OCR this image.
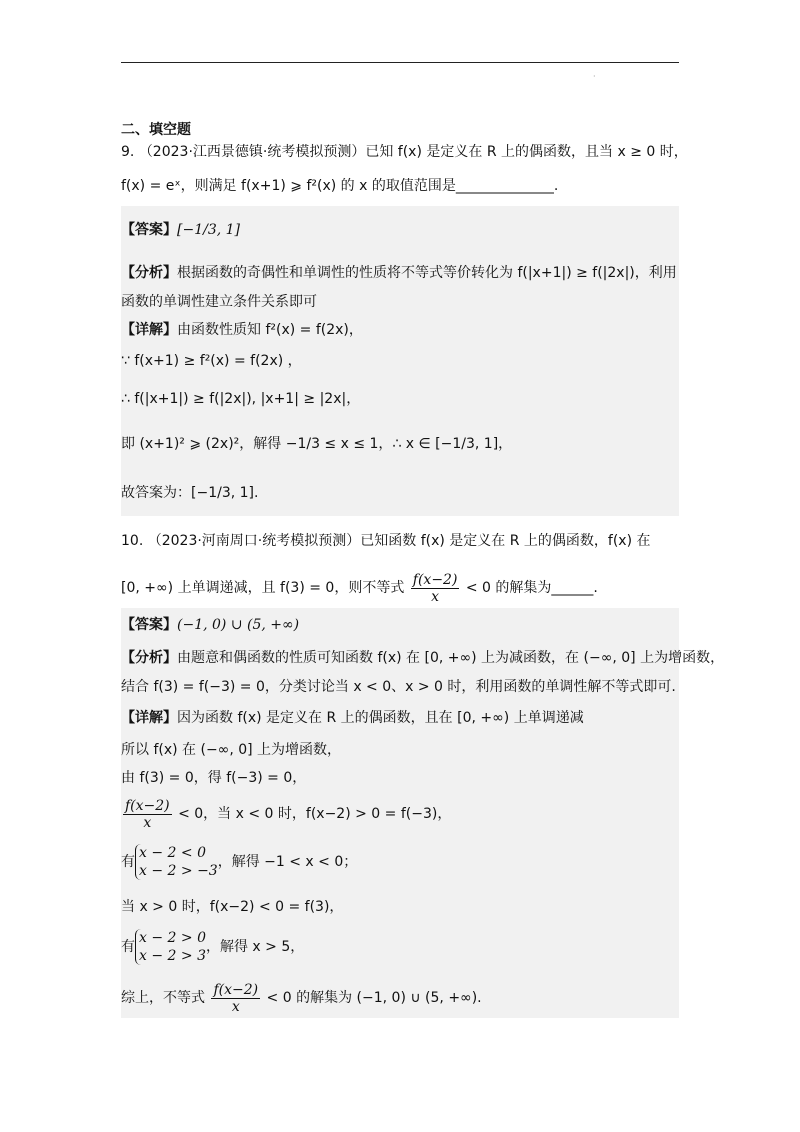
·
二、填空题
9. （2023·江西景德镇·统考模拟预测）已知 f(x) 是定义在 R 上的偶函数，且当 x ≥ 0 时，
f(x) = eˣ，则满足 f(x+1) ⩾ f²(x) 的 x 的取值范围是______________.
【答案】[−1/3, 1]
【分析】根据函数的奇偶性和单调性的性质将不等式等价转化为 f(|x+1|) ≥ f(|2x|)，利用
函数的单调性建立条件关系即可
【详解】由函数性质知 f²(x) = f(2x)，
∵ f(x+1) ≥ f²(x) = f(2x) ，
∴ f(|x+1|) ≥ f(|2x|), |x+1| ≥ |2x|，
即 (x+1)² ⩾ (2x)²，解得 −1/3 ≤ x ≤ 1，∴ x ∈ [−1/3, 1]，
故答案为：[−1/3, 1].
10. （2023·河南周口·统考模拟预测）已知函数 f(x) 是定义在 R 上的偶函数，f(x) 在
[0, +∞) 上单调递减，且 f(3) = 0，则不等式 $\frac{f(x-2)}{x} < 0$ 的解集为______.
【答案】(−1, 0) ∪ (5, +∞)
【分析】由题意和偶函数的性质可知函数 f(x) 在 [0, +∞) 上为减函数，在 (−∞, 0] 上为增函数，
结合 f(3) = f(−3) = 0，分类讨论当 x < 0、x > 0 时，利用函数的单调性解不等式即可.
【详解】因为函数 f(x) 是定义在 R 上的偶函数，且在 [0, +∞) 上单调递减
所以 f(x) 在 (−∞, 0] 上为增函数，
由 f(3) = 0，得 f(−3) = 0，
$\frac{f(x-2)}{x} < 0$，当 x < 0 时，f(x−2) > 0 = f(−3)，
有
x − 2 < 0
x − 2 > −3
，解得 −1 < x < 0；
当 x > 0 时，f(x−2) < 0 = f(3)，
有
x − 2 > 0
x − 2 > 3
，解得 x > 5，
综上，不等式 $\frac{f(x-2)}{x} < 0$ 的解集为 (−1, 0) ∪ (5, +∞).
